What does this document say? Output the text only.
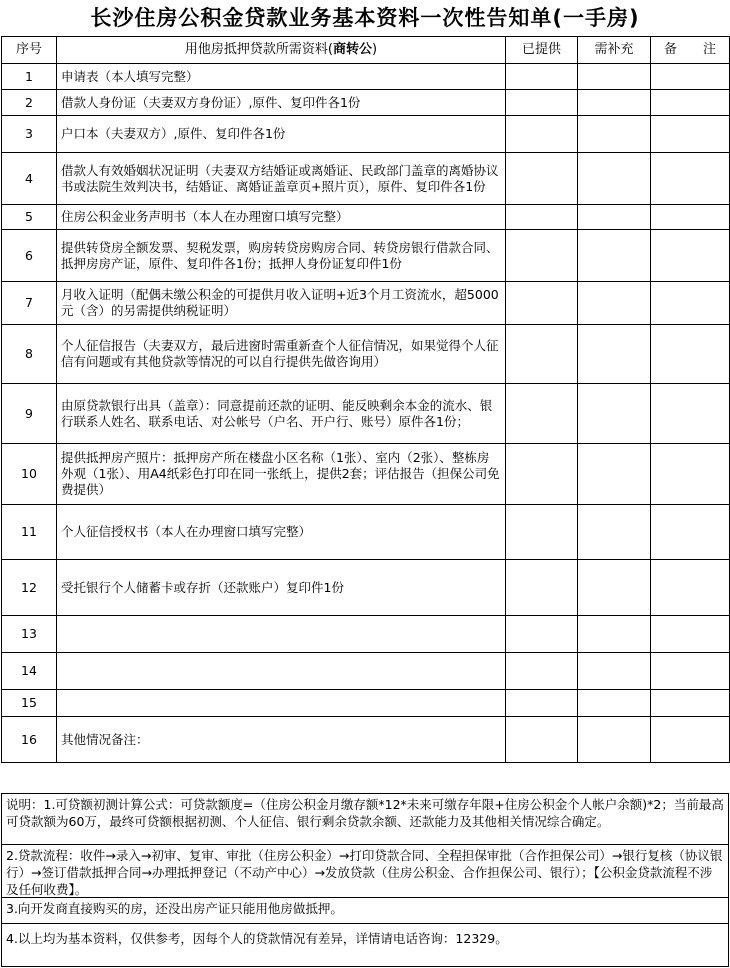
长沙住房公积金贷款业务基本资料一次性告知单(一手房)
序号	用他房抵押贷款所需资料(商转公)	已提供	需补充	备　　注
1	申请表（本人填写完整）			
2	借款人身份证（夫妻双方身份证）,原件、复印件各1份			
3	户口本（夫妻双方）,原件、复印件各1份			
4	借款人有效婚姻状况证明（夫妻双方结婚证或离婚证、民政部门盖章的离婚协议书或法院生效判决书，结婚证、离婚证盖章页+照片页），原件、复印件各1份			
5	住房公积金业务声明书（本人在办理窗口填写完整）			
6	提供转贷房全额发票、契税发票，购房转贷房购房合同、转贷房银行借款合同、抵押房房产证，原件、复印件各1份；抵押人身份证复印件1份			
7	月收入证明（配偶未缴公积金的可提供月收入证明+近3个月工资流水，超5000元（含）的另需提供纳税证明）			
8	个人征信报告（夫妻双方，最后进窗时需重新查个人征信情况，如果觉得个人征信有问题或有其他贷款等情况的可以自行提供先做咨询用）			
9	由原贷款银行出具（盖章）：同意提前还款的证明、能反映剩余本金的流水、银行联系人姓名、联系电话、对公帐号（户名、开户行、账号）原件各1份；			
10	提供抵押房产照片：抵押房产所在楼盘小区名称（1张）、室内（2张）、整栋房外观（1张）、用A4纸彩色打印在同一张纸上，提供2套；评估报告（担保公司免费提供）			
11	个人征信授权书（本人在办理窗口填写完整）			
12	受托银行个人储蓄卡或存折（还款账户）复印件1份			
13				
14				
15				
16	其他情况备注：			
说明：1.可贷额初测计算公式：可贷款额度=（住房公积金月缴存额*12*未来可缴存年限+住房公积金个人帐户余额)*2；当前最高可贷款额为60万，最终可贷额根据初测、个人征信、银行剩余贷款余额、还款能力及其他相关情况综合确定。
2.贷款流程：收件→录入→初审、复审、审批（住房公积金）→打印贷款合同、全程担保审批（合作担保公司）→银行复核（协议银行）→签订借款抵押合同→办理抵押登记（不动产中心）→发放贷款（住房公积金、合作担保公司、银行）；【公积金贷款流程不涉及任何收费】。
3.向开发商直接购买的房，还没出房产证只能用他房做抵押。
4.以上均为基本资料，仅供参考，因每个人的贷款情况有差异，详情请电话咨询：12329。
